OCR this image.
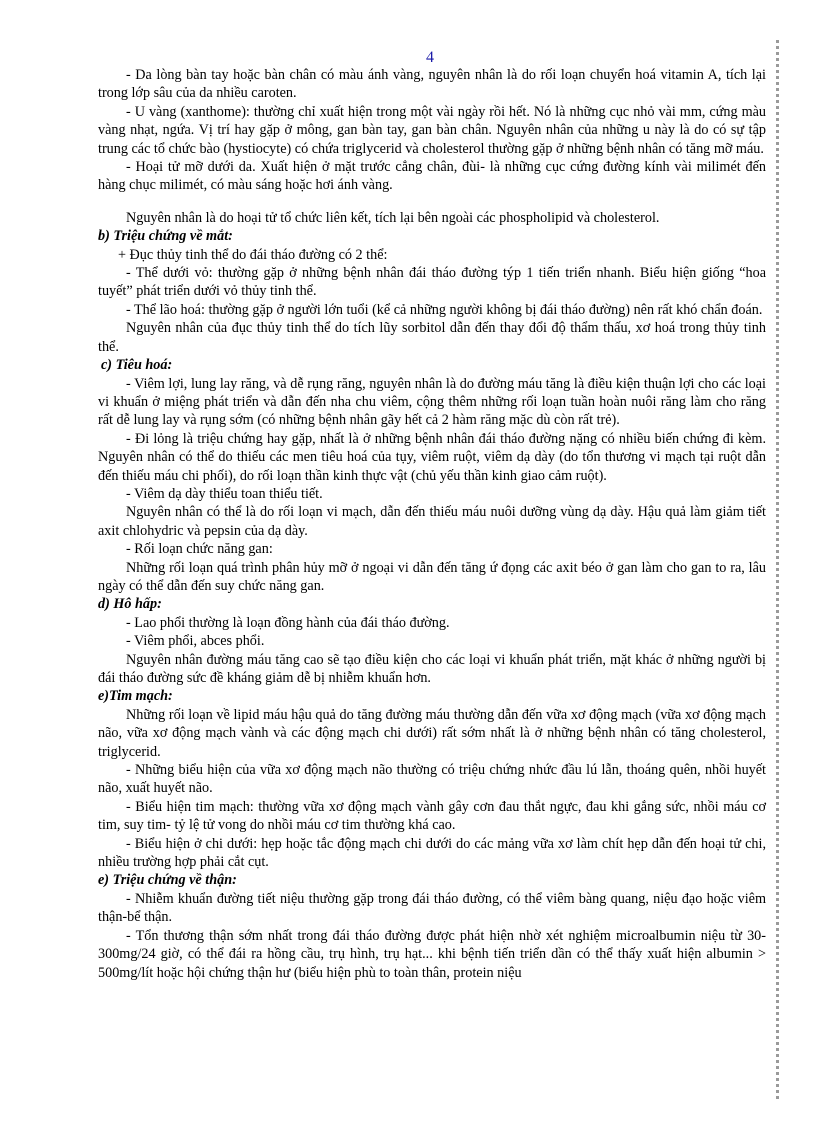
4

- Da lòng bàn tay hoặc bàn chân có màu ánh vàng, nguyên nhân là do rối loạn chuyển hoá vitamin A, tích lại trong lớp sâu của da nhiều caroten.

- U vàng (xanthome): thường chỉ xuất hiện trong một vài ngày rồi hết. Nó là những cục nhỏ vài mm, cứng màu vàng nhạt, ngứa. Vị trí hay gặp ở mông, gan bàn tay, gan bàn chân. Nguyên nhân của những u này là do có sự tập trung các tổ chức bào (hystiocyte) có chứa triglycerid và cholesterol thường gặp ở những bệnh nhân có tăng mỡ máu.

- Hoại tử mỡ dưới da. Xuất hiện ở mặt trước cẳng chân, đùi- là những cục cứng đường kính vài milimét đến hàng chục milimét, có màu sáng hoặc hơi ánh vàng.

Nguyên nhân là do hoại tử tổ chức liên kết, tích lại bên ngoài các phospholipid và cholesterol.

b) Triệu chứng về mắt:

+ Đục thủy tinh thể do đái tháo đường có 2 thể:

- Thể dưới vỏ: thường gặp ở những bệnh nhân đái tháo đường týp 1 tiến triển nhanh. Biểu hiện giống “hoa tuyết” phát triển dưới vỏ thủy tinh thể.

- Thể lão hoá: thường gặp ở người lớn tuổi (kể cả những người không bị đái tháo đường) nên rất khó chẩn đoán.

Nguyên nhân của đục thủy tinh thể do tích lũy sorbitol dẫn đến thay đổi độ thẩm thấu, xơ hoá trong thủy tinh thể.

c) Tiêu hoá:

- Viêm lợi, lung lay răng, và dễ rụng răng, nguyên nhân là do đường máu tăng là điều kiện thuận lợi cho các loại vi khuẩn ở miệng phát triển và dẫn đến nha chu viêm, cộng thêm những rối loạn tuần hoàn nuôi răng làm cho răng rất dễ lung lay và rụng sớm (có những bệnh nhân gãy hết cả 2 hàm răng mặc dù còn rất trẻ).

- Đi lỏng là triệu chứng hay gặp, nhất là ở những bệnh nhân đái tháo đường nặng có nhiều biến chứng đi kèm. Nguyên nhân có thể do thiếu các men tiêu hoá của tụy, viêm ruột, viêm dạ dày (do tổn thương vi mạch tại ruột dẫn đến thiếu máu chi phối), do rối loạn thần kinh thực vật (chủ yếu thần kinh giao cảm ruột).

- Viêm dạ dày thiểu toan thiểu tiết.

Nguyên nhân có thể là do rối loạn vi mạch, dẫn đến thiếu máu nuôi dưỡng vùng dạ dày. Hậu quả làm giảm tiết axit chlohydric và pepsin của dạ dày.

- Rối loạn chức năng gan:

Những rối loạn quá trình phân hủy mỡ ở ngoại vi dẫn đến tăng ứ đọng các axit béo ở gan làm cho gan to ra, lâu ngày có thể dẫn đến suy chức năng gan.

d) Hô hấp:

- Lao phổi thường là loạn đồng hành của đái tháo đường.

- Viêm phổi, abces phổi.

Nguyên nhân đường máu tăng cao sẽ tạo điều kiện cho các loại vi khuẩn phát triển, mặt khác ở những người bị đái tháo đường sức đề kháng giảm dễ bị nhiễm khuẩn hơn.

e)Tim mạch:

Những rối loạn về lipid máu hậu quả do tăng đường máu thường dẫn đến vữa xơ động mạch (vữa xơ động mạch não, vữa xơ động mạch vành và các động mạch chi dưới) rất sớm nhất là ở những bệnh nhân có tăng cholesterol, triglycerid.

- Những biểu hiện của vữa xơ động mạch não thường có triệu chứng nhức đầu lú lẫn, thoáng quên, nhồi huyết não, xuất huyết não.

- Biểu hiện tim mạch: thường vữa xơ động mạch vành gây cơn đau thắt ngực, đau khi gắng sức, nhồi máu cơ tim, suy tim- tỷ lệ tử vong do nhồi máu cơ tim thường khá cao.

- Biểu hiện ở chi dưới: hẹp hoặc tắc động mạch chi dưới do các mảng vữa xơ làm chít hẹp dẫn đến hoại tử chi, nhiều trường hợp phải cắt cụt.

e) Triệu chứng về thận:

- Nhiễm khuẩn đường tiết niệu thường gặp trong đái tháo đường, có thể viêm bàng quang, niệu đạo hoặc viêm thận-bể thận.

- Tổn thương thận sớm nhất trong đái tháo đường được phát hiện nhờ xét nghiệm microalbumin niệu từ 30-300mg/24 giờ, có thể đái ra hồng cầu, trụ hình, trụ hạt... khi bệnh tiến triển dần có thể thấy xuất hiện albumin > 500mg/lít hoặc hội chứng thận hư (biểu hiện phù to toàn thân, protein niệu
